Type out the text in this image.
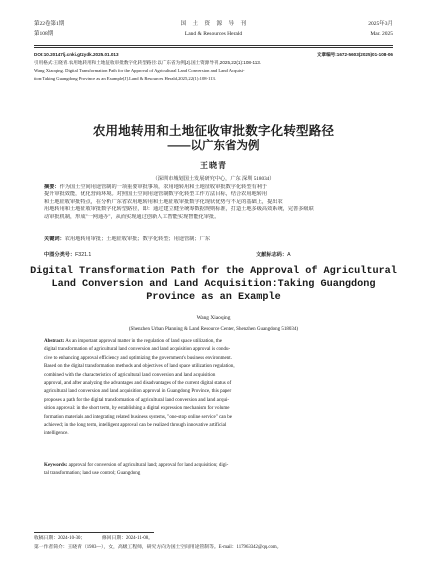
第22卷第1期
第108期
国　土　资　源　导　刊
Land & Resources Herald
2025年3月
Mar. 2025
DOI:10.20147/j.cnki.gtzydk.2025.01.013	文章编号:1672-5603(2025)01-108-06
引用格式:王晓青.农用地转用和土地征收审批数字化转型路径:以广东省为例[J].国土资源导刊,2025,22(1):108-113.
Wang Xiaoqing. Digital Transformation Path for the Approval of Agricultural Land Conversion and Land Acquisi-
tion:Taking Guangdong Province as an Example[J].Land & Resources Herald,2025,22(1):108-113.
农用地转用和土地征收审批数字化转型路径
——以广东省为例
王晓青
（深圳市城划国土发展研究中心，广东 深圳 518034）
摘要：作为国土空间用途管制的一项重要审批事项，农用地转用和土地征收审批数字化转型有利于
提升审批效能，优化营商环境。对照国土空间用途管制数字化转型工作方法目标，结合农用地转用
和土地征收审批特点，在分析广东省农用地转用和土地征收审批数字化现状优势与不足的基础上，提出农
用地转用和土地征收审批数字化转型路径，即：通过建立健全统筹数据规则标准，打造土地多级高效系统，完善多级联
动审批机制，形成"一网通办"，从而实现通过创新人工智能实现智能化审批。
关键词：农用地转用审批；土地征收审批；数字化转型；用途管制；广东
中图分类号：F321.1	文献标志码：A
Digital Transformation Path for the Approval of Agricultural
Land Conversion and Land Acquisition:Taking Guangdong
Province as an Example
Wang Xiaoqing
(Shenzhen Urban Planning & Land Resource Center, Shenzhen Guangdong 518034)
Abstract: As an important approval matter in the regulation of land space utilization, the
digital transformation of agricultural land conversion and land acquisition approval is condu-
cive to enhancing approval efficiency and optimizing the government's business environment.
Based on the digital transformation methods and objectives of land space utilization regulation,
combined with the characteristics of agricultural land conversion and land acquisition
approval, and after analyzing the advantages and disadvantages of the current digital status of
agricultural land conversion and land acquisition approval in Guangdong Province, this paper
proposes a path for the digital transformation of agricultural land conversion and land acqui-
sition approval: in the short term, by establishing a digital expression mechanism for volume
formation materials and integrating related business systems, "one-stop online service" can be
achieved; in the long term, intelligent approval can be realized through innovative artificial
intelligence.
Keywords: approval for conversion of agricultural land; approval for land acquisition; digi-
tal transformation; land use control; Guangdong
收稿日期：2024-10-30；　　　　修回日期：2024-11-08。
第一作者简介：王晓青（1983—），女，高级工程师，研究方向为国土空间用途管制等。E-mail：117963342@qq.com。
